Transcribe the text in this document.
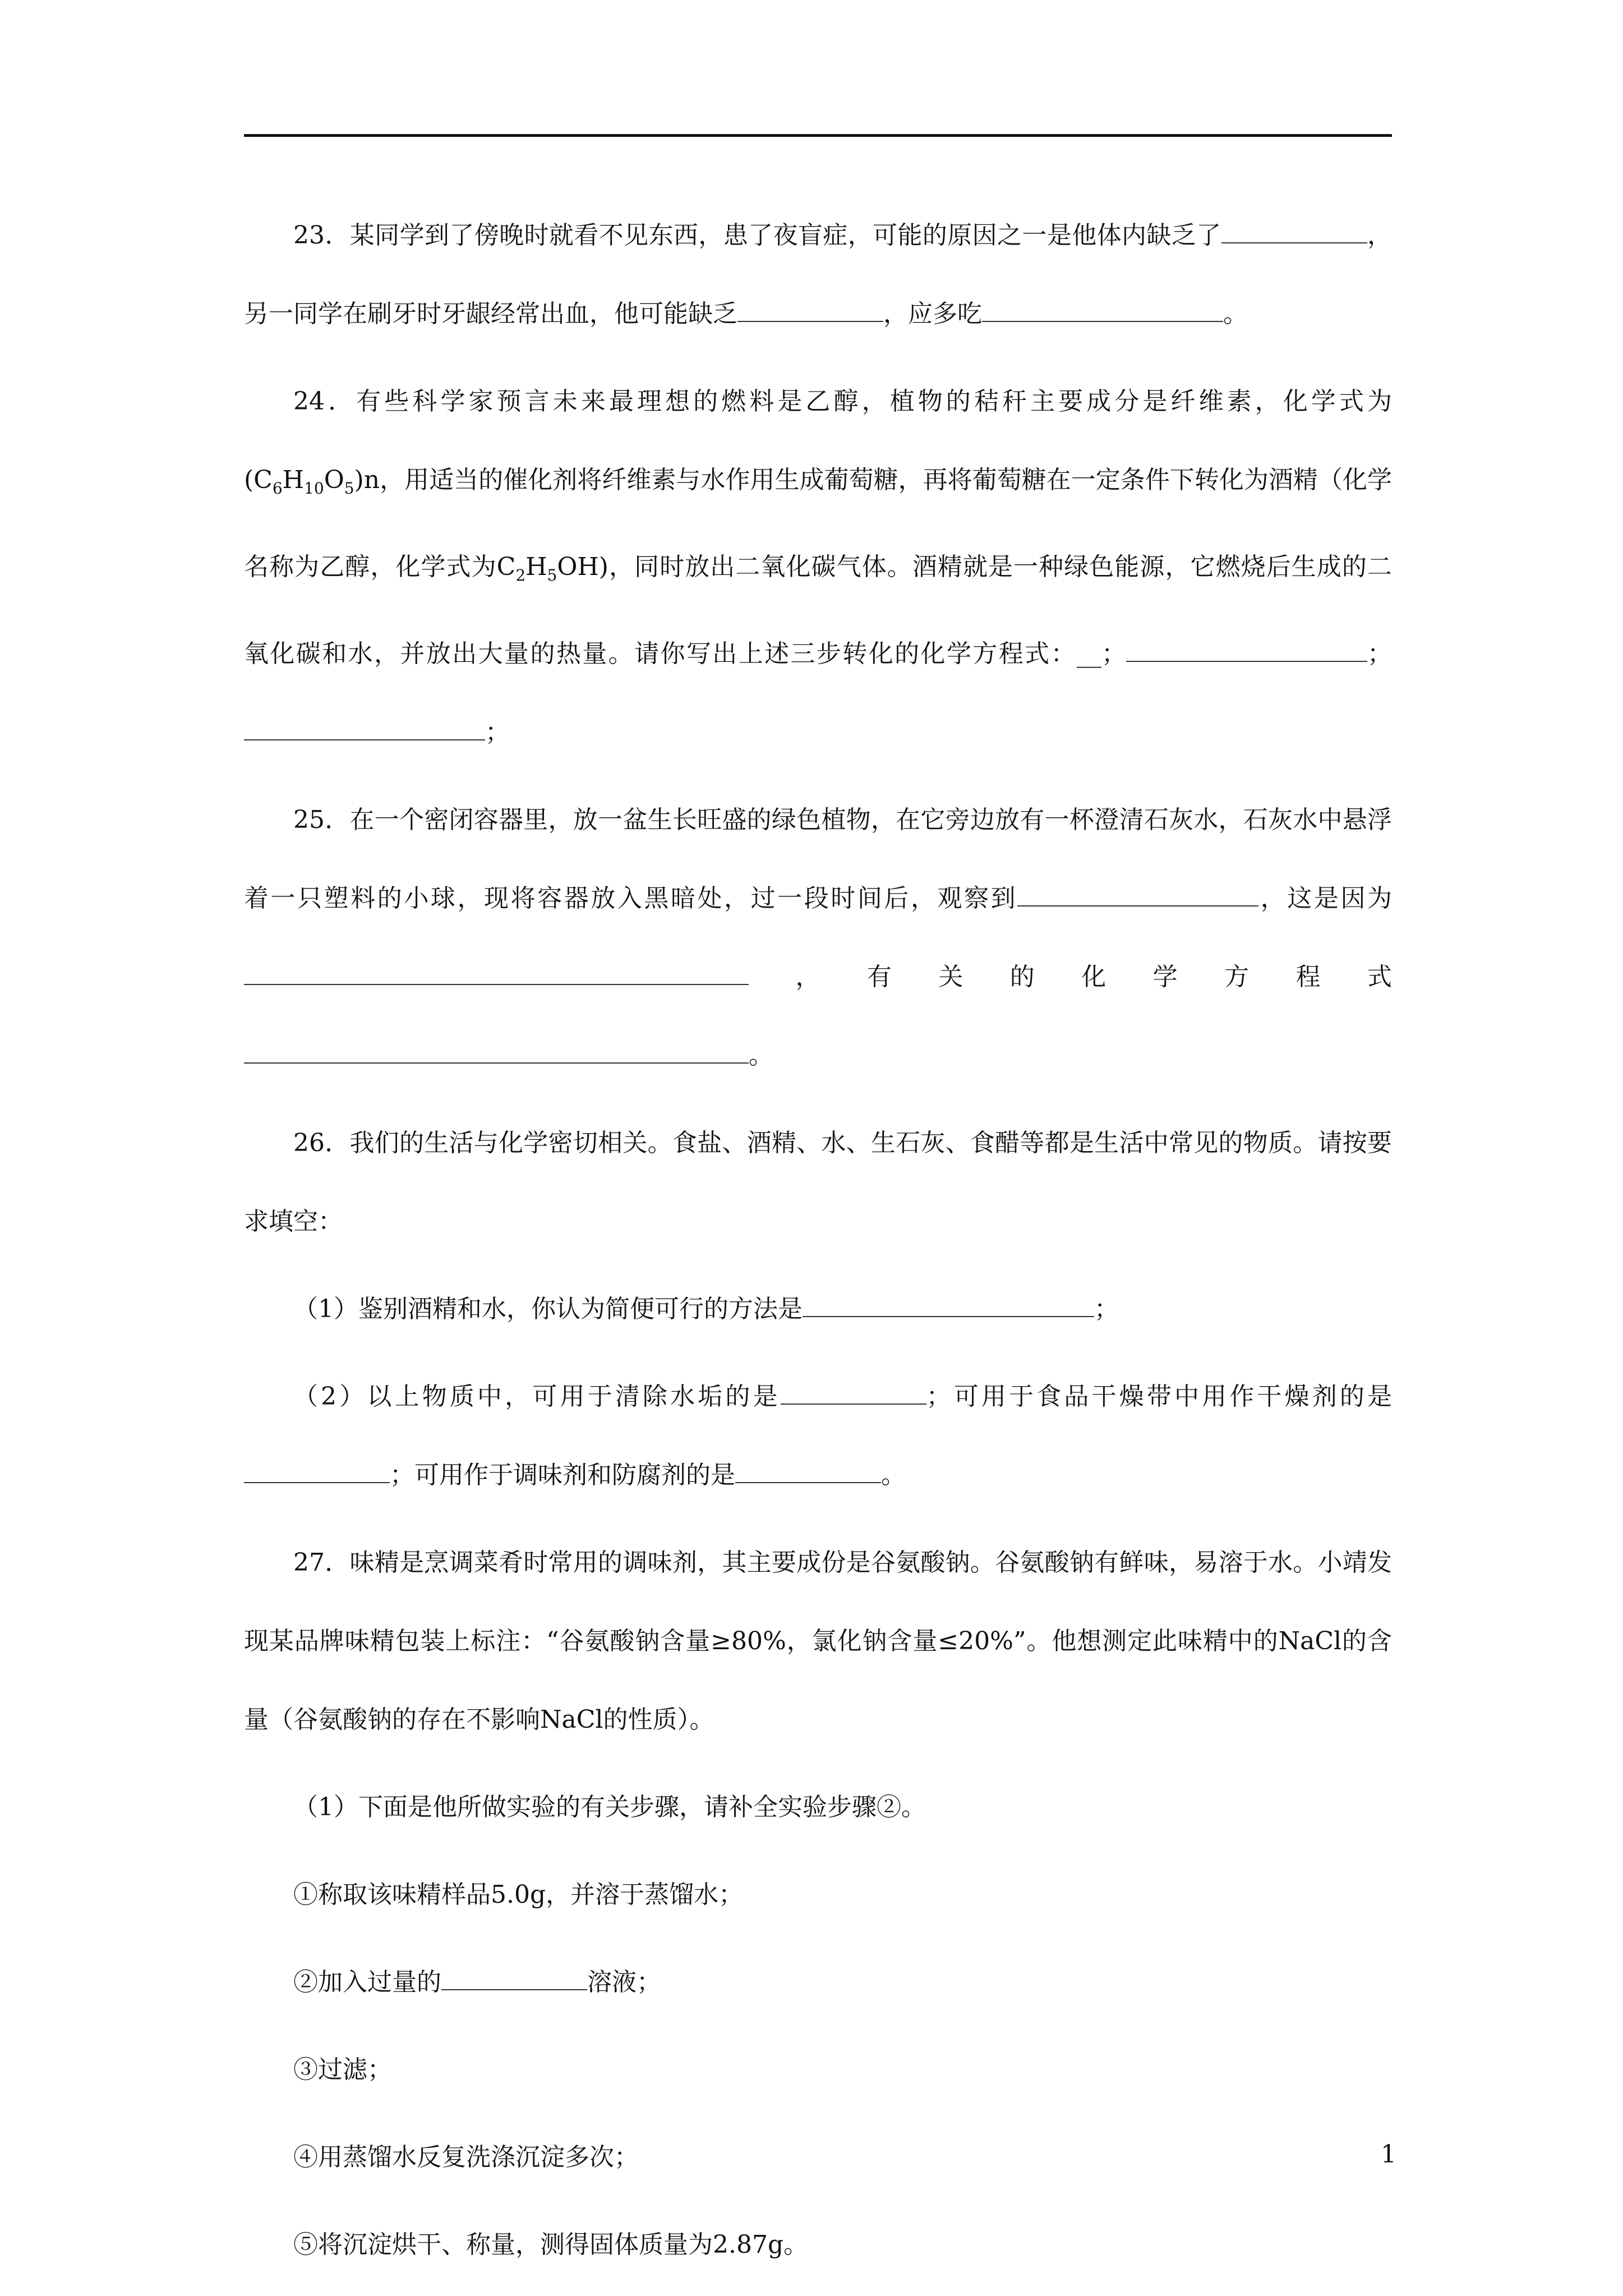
23．某同学到了傍晚时就看不见东西，患了夜盲症，可能的原因之一是他体内缺乏了	，另一同学在刷牙时牙龈经常出血，他可能缺乏	，应多吃	。

24．有些科学家预言未来最理想的燃料是乙醇，植物的秸秆主要成分是纤维素，化学式为$(C_6H_{10}O_5)n$，用适当的催化剂将纤维素与水作用生成葡萄糖，再将葡萄糖在一定条件下转化为酒精（化学名称为乙醇，化学式为$C_2H_5OH$)，同时放出二氧化碳气体。酒精就是一种绿色能源，它燃烧后生成的二氧化碳和水，并放出大量的热量。请你写出上述三步转化的化学方程式：__；	；；

25．在一个密闭容器里，放一盆生长旺盛的绿色植物，在它旁边放有一杯澄清石灰水，石灰水中悬浮着一只塑料的小球，现将容器放入黑暗处，过一段时间后，观察到	，这是因为，有关的化学方程式。

26．我们的生活与化学密切相关。食盐、酒精、水、生石灰、食醋等都是生活中常见的物质。请按要求填空：

（1）鉴别酒精和水，你认为简便可行的方法是	；

（2）以上物质中，可用于清除水垢的是	；可用于食品干燥带中用作干燥剂的是；可用作于调味剂和防腐剂的是	。

27．味精是烹调菜肴时常用的调味剂，其主要成份是谷氨酸钠。谷氨酸钠有鲜味，易溶于水。小靖发现某品牌味精包装上标注：“谷氨酸钠含量≥80%，氯化钠含量≤20%”。他想测定此味精中的NaCl的含量（谷氨酸钠的存在不影响NaCl的性质）。

（1）下面是他所做实验的有关步骤，请补全实验步骤②。

①称取该味精样品5.0g，并溶于蒸馏水；

②加入过量的	溶液；

③过滤；

④用蒸馏水反复洗涤沉淀多次；

⑤将沉淀烘干、称量，测得固体质量为2.87g。

1
